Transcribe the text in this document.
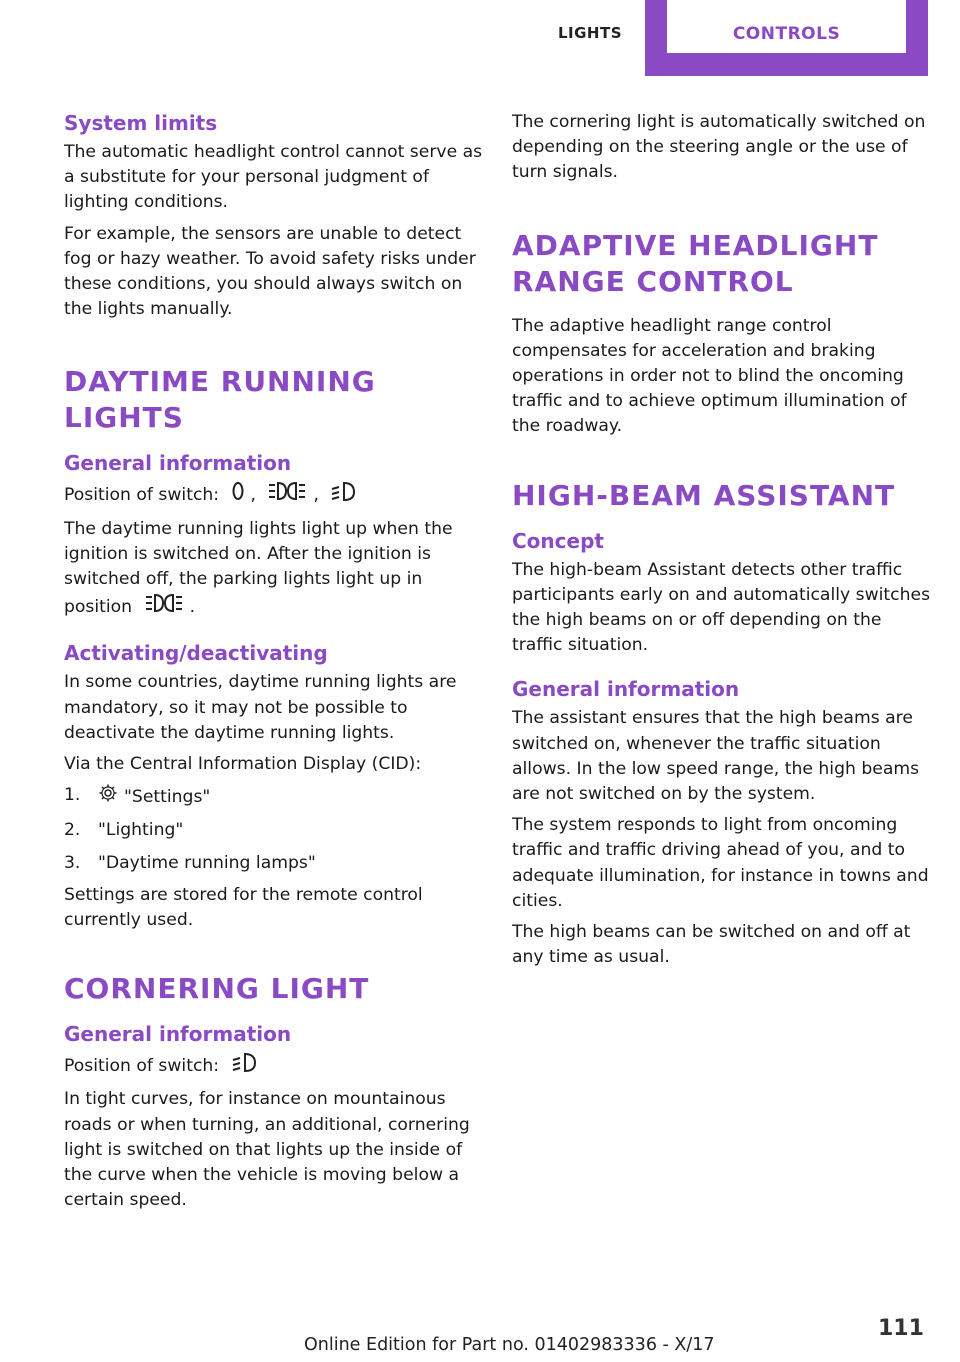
LIGHTS	CONTROLS
System limits

The automatic headlight control cannot serve as a substitute for your personal judgment of lighting conditions.

For example, the sensors are unable to detect fog or hazy weather. To avoid safety risks under these conditions, you should always switch on the lights manually.

DAYTIME RUNNING LIGHTS
General information

Position of switch: ,	,

The daytime running lights light up when the ignition is switched on. After the ignition is switched off, the parking lights light up in position	.

Activating/deactivating

In some countries, daytime running lights are mandatory, so it may not be possible to deactivate the daytime running lights.

Via the Central Information Display (CID):

1.	"Settings"
2.	"Lighting"
3.	"Daytime running lamps"

Settings are stored for the remote control currently used.

CORNERING LIGHT
General information

Position of switch:

In tight curves, for instance on mountainous roads or when turning, an additional, cornering light is switched on that lights up the inside of the curve when the vehicle is moving below a certain speed.

The cornering light is automatically switched on depending on the steering angle or the use of turn signals.

ADAPTIVE HEADLIGHT RANGE CONTROL

The adaptive headlight range control compensates for acceleration and braking operations in order not to blind the oncoming traffic and to achieve optimum illumination of the roadway.

HIGH-BEAM ASSISTANT
Concept

The high-beam Assistant detects other traffic participants early on and automatically switches the high beams on or off depending on the traffic situation.

General information

The assistant ensures that the high beams are switched on, whenever the traffic situation allows. In the low speed range, the high beams are not switched on by the system.

The system responds to light from oncoming traffic and traffic driving ahead of you, and to adequate illumination, for instance in towns and cities.

The high beams can be switched on and off at any time as usual.

111
Online Edition for Part no. 01402983336 - X/17
